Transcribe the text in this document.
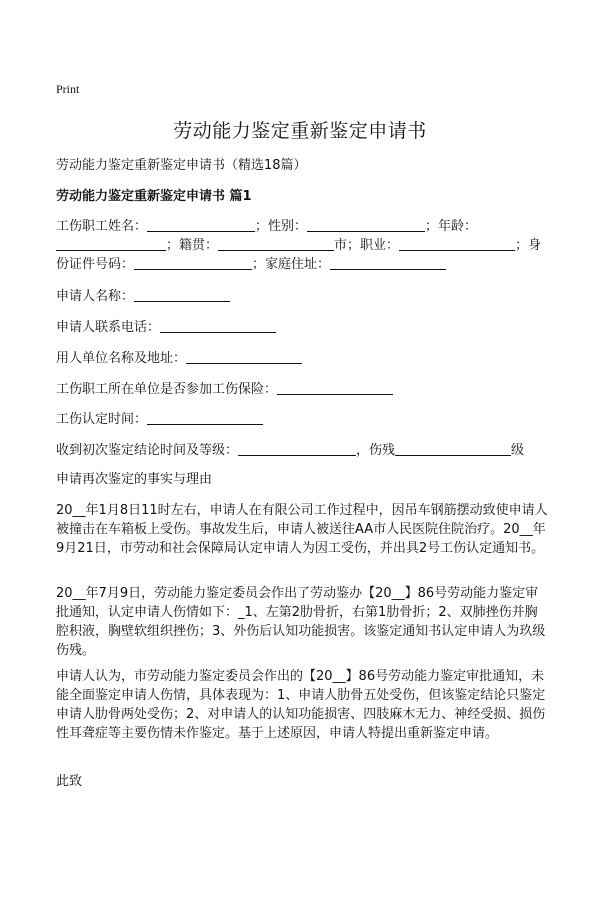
Print
劳动能力鉴定重新鉴定申请书
劳动能力鉴定重新鉴定申请书（精选18篇）
劳动能力鉴定重新鉴定申请书 篇1
工伤职工姓名：	；性别：	；年龄：
；籍贯：	市；职业：	；身
份证件号码：	；家庭住址：
申请人名称：
申请人联系电话：
用人单位名称及地址：
工伤职工所在单位是否参加工伤保险：
工伤认定时间：
收到初次鉴定结论时间及等级：	，伤残	级
申请再次鉴定的事实与理由

20__年1月8日11时左右，申请人在有限公司工作过程中，因吊车钢筋摆动致使申请人被撞击在车箱板上受伤。事故发生后，申请人被送往AA市人民医院住院治疗。20__年9月21日，市劳动和社会保障局认定申请人为因工受伤，并出具2号工伤认定通知书。

20__年7月9日，劳动能力鉴定委员会作出了劳动鉴办【20__】86号劳动能力鉴定审批通知，认定申请人伤情如下：_1、左第2肋骨折，右第1肋骨折；2、双肺挫伤并胸腔积液，胸壁软组织挫伤；3、外伤后认知功能损害。该鉴定通知书认定申请人为玖级伤残。

申请人认为，市劳动能力鉴定委员会作出的【20__】86号劳动能力鉴定审批通知，未能全面鉴定申请人伤情，具体表现为：1、申请人肋骨五处受伤，但该鉴定结论只鉴定申请人肋骨两处受伤；2、对申请人的认知功能损害、四肢麻木无力、神经受损、损伤性耳聋症等主要伤情未作鉴定。基于上述原因，申请人特提出重新鉴定申请。

此致
